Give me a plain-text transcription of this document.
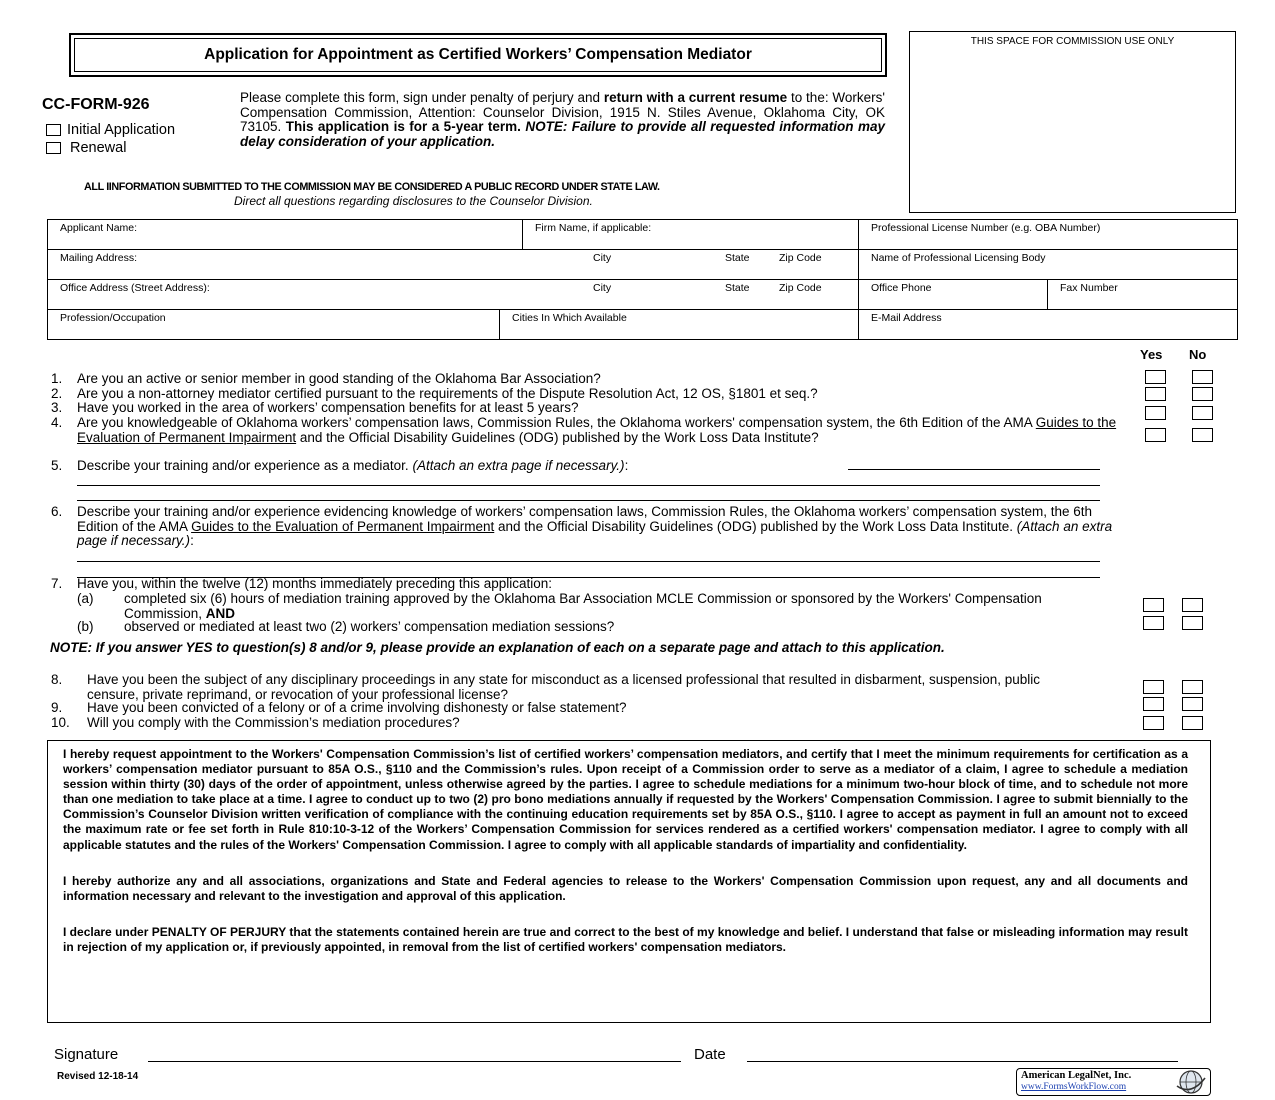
Application for Appointment as Certified Workers’ Compensation Mediator
THIS SPACE FOR COMMISSION USE ONLY
CC-FORM-926
Initial Application
Renewal
Please complete this form, sign under penalty of perjury and return with a current resume to the: Workers' Compensation Commission, Attention: Counselor Division, 1915 N. Stiles Avenue, Oklahoma City, OK 73105. This application is for a 5-year term. NOTE: Failure to provide all requested information may delay consideration of your application.
ALL IINFORMATION SUBMITTED TO THE COMMISSION MAY BE CONSIDERED A PUBLIC RECORD UNDER STATE LAW.
Direct all questions regarding disclosures to the Counselor Division.
Applicant Name:	Firm Name, if applicable:	Professional License Number (e.g. OBA Number)
Mailing Address:	City	State	Zip Code	Name of Professional Licensing Body
Office Address (Street Address):	City	State	Zip Code	Office Phone	Fax Number
Profession/Occupation	Cities In Which Available	E-Mail Address
Yes No
1. Are you an active or senior member in good standing of the Oklahoma Bar Association?
2. Are you a non-attorney mediator certified pursuant to the requirements of the Dispute Resolution Act, 12 OS, §1801 et seq.?
3. Have you worked in the area of workers’ compensation benefits for at least 5 years?
4. Are you knowledgeable of Oklahoma workers’ compensation laws, Commission Rules, the Oklahoma workers' compensation system, the 6th Edition of the AMA Guides to the Evaluation of Permanent Impairment and the Official Disability Guidelines (ODG) published by the Work Loss Data Institute?
5. Describe your training and/or experience as a mediator. (Attach an extra page if necessary.):
6. Describe your training and/or experience evidencing knowledge of workers’ compensation laws, Commission Rules, the Oklahoma workers’ compensation system, the 6th Edition of the AMA Guides to the Evaluation of Permanent Impairment and the Official Disability Guidelines (ODG) published by the Work Loss Data Institute. (Attach an extra page if necessary.):
7. Have you, within the twelve (12) months immediately preceding this application:
(a) completed six (6) hours of mediation training approved by the Oklahoma Bar Association MCLE Commission or sponsored by the Workers' Compensation Commission, AND
(b) observed or mediated at least two (2) workers’ compensation mediation sessions?
NOTE: If you answer YES to question(s) 8 and/or 9, please provide an explanation of each on a separate page and attach to this application.
8. Have you been the subject of any disciplinary proceedings in any state for misconduct as a licensed professional that resulted in disbarment, suspension, public censure, private reprimand, or revocation of your professional license?
9. Have you been convicted of a felony or of a crime involving dishonesty or false statement?
10. Will you comply with the Commission’s mediation procedures?

I hereby request appointment to the Workers' Compensation Commission’s list of certified workers’ compensation mediators, and certify that I meet the minimum requirements for certification as a workers’ compensation mediator pursuant to 85A O.S., §110 and the Commission’s rules. Upon receipt of a Commission order to serve as a mediator of a claim, I agree to schedule a mediation session within thirty (30) days of the order of appointment, unless otherwise agreed by the parties. I agree to schedule mediations for a minimum two-hour block of time, and to schedule not more than one mediation to take place at a time. I agree to conduct up to two (2) pro bono mediations annually if requested by the Workers' Compensation Commission. I agree to submit biennially to the Commission’s Counselor Division written verification of compliance with the continuing education requirements set by 85A O.S., §110. I agree to accept as payment in full an amount not to exceed the maximum rate or fee set forth in Rule 810:10-3-12 of the Workers’ Compensation Commission for services rendered as a certified workers' compensation mediator. I agree to comply with all applicable statutes and the rules of the Workers' Compensation Commission. I agree to comply with all applicable standards of impartiality and confidentiality.

I hereby authorize any and all associations, organizations and State and Federal agencies to release to the Workers' Compensation Commission upon request, any and all documents and information necessary and relevant to the investigation and approval of this application.

I declare under PENALTY OF PERJURY that the statements contained herein are true and correct to the best of my knowledge and belief. I understand that false or misleading information may result in rejection of my application or, if previously appointed, in removal from the list of certified workers' compensation mediators.

Signature	Date
Revised 12-18-14	American LegalNet, Inc.
www.FormsWorkFlow.com
